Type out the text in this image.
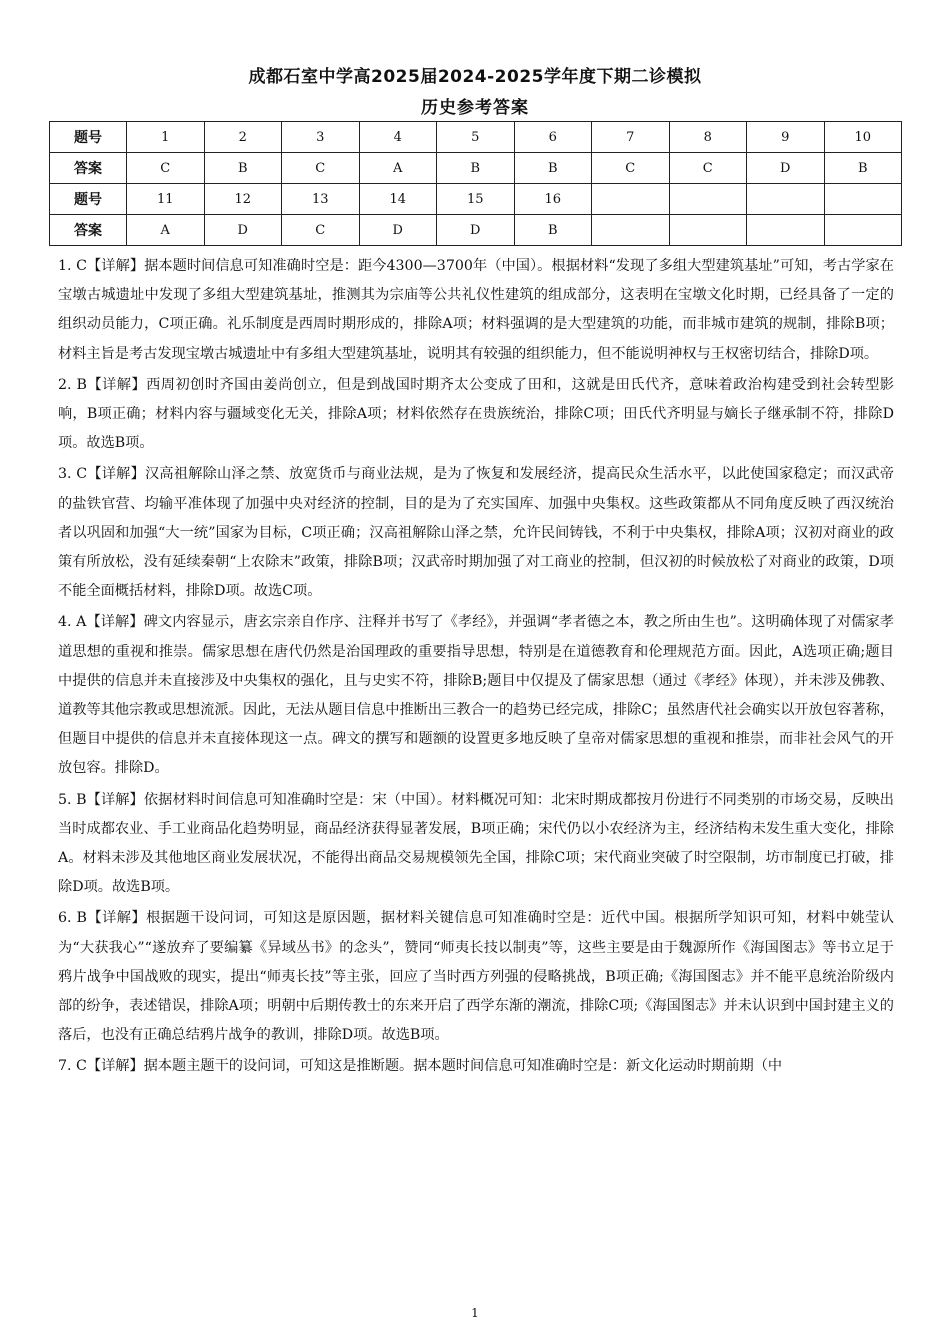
成都石室中学高2025届2024-2025学年度下期二诊模拟
历史参考答案
题号	1	2	3	4	5	6	7	8	9	10
答案	C	B	C	A	B	B	C	C	D	B
题号	11	12	13	14	15	16				
答案	A	D	C	D	D	B				

1. C【详解】据本题时间信息可知准确时空是：距今4300—3700年（中国）。根据材料“发现了多组大型建筑基址”可知，考古学家在宝墩古城遗址中发现了多组大型建筑基址，推测其为宗庙等公共礼仪性建筑的组成部分，这表明在宝墩文化时期，已经具备了一定的组织动员能力，C项正确。礼乐制度是西周时期形成的，排除A项；材料强调的是大型建筑的功能，而非城市建筑的规制，排除B项；材料主旨是考古发现宝墩古城遗址中有多组大型建筑基址，说明其有较强的组织能力，但不能说明神权与王权密切结合，排除D项。

2. B【详解】西周初创时齐国由姜尚创立，但是到战国时期齐太公变成了田和，这就是田氏代齐，意味着政治构建受到社会转型影响，B项正确；材料内容与疆域变化无关，排除A项；材料依然存在贵族统治，排除C项；田氏代齐明显与嫡长子继承制不符，排除D项。故选B项。

3. C【详解】汉高祖解除山泽之禁、放宽货币与商业法规，是为了恢复和发展经济，提高民众生活水平，以此使国家稳定；而汉武帝的盐铁官营、均输平准体现了加强中央对经济的控制，目的是为了充实国库、加强中央集权。这些政策都从不同角度反映了西汉统治者以巩固和加强“大一统”国家为目标，C项正确；汉高祖解除山泽之禁，允许民间铸钱，不利于中央集权，排除A项；汉初对商业的政策有所放松，没有延续秦朝“上农除末”政策，排除B项；汉武帝时期加强了对工商业的控制，但汉初的时候放松了对商业的政策，D项不能全面概括材料，排除D项。故选C项。

4. A【详解】碑文内容显示，唐玄宗亲自作序、注释并书写了《孝经》，并强调“孝者德之本，教之所由生也”。这明确体现了对儒家孝道思想的重视和推崇。儒家思想在唐代仍然是治国理政的重要指导思想，特别是在道德教育和伦理规范方面。因此，A选项正确;题目中提供的信息并未直接涉及中央集权的强化，且与史实不符，排除B;题目中仅提及了儒家思想（通过《孝经》体现），并未涉及佛教、道教等其他宗教或思想流派。因此，无法从题目信息中推断出三教合一的趋势已经完成，排除C；虽然唐代社会确实以开放包容著称，但题目中提供的信息并未直接体现这一点。碑文的撰写和题额的设置更多地反映了皇帝对儒家思想的重视和推崇，而非社会风气的开放包容。排除D。

5. B【详解】依据材料时间信息可知准确时空是：宋（中国）。材料概况可知：北宋时期成都按月份进行不同类别的市场交易，反映出当时成都农业、手工业商品化趋势明显，商品经济获得显著发展，B项正确；宋代仍以小农经济为主，经济结构未发生重大变化，排除A。材料未涉及其他地区商业发展状况，不能得出商品交易规模领先全国，排除C项；宋代商业突破了时空限制，坊市制度已打破，排除D项。故选B项。

6. B【详解】根据题干设问词，可知这是原因题，据材料关键信息可知准确时空是：近代中国。根据所学知识可知，材料中姚莹认为“大获我心”“遂放弃了要编纂《异域丛书》的念头”，赞同“师夷长技以制夷”等，这些主要是由于魏源所作《海国图志》等书立足于鸦片战争中国战败的现实，提出“师夷长技”等主张，回应了当时西方列强的侵略挑战，B项正确;《海国图志》并不能平息统治阶级内部的纷争，表述错误，排除A项；明朝中后期传教士的东来开启了西学东渐的潮流，排除C项;《海国图志》并未认识到中国封建主义的落后，也没有正确总结鸦片战争的教训，排除D项。故选B项。

7. C【详解】据本题主题干的设问词，可知这是推断题。据本题时间信息可知准确时空是：新文化运动时期前期（中

1
